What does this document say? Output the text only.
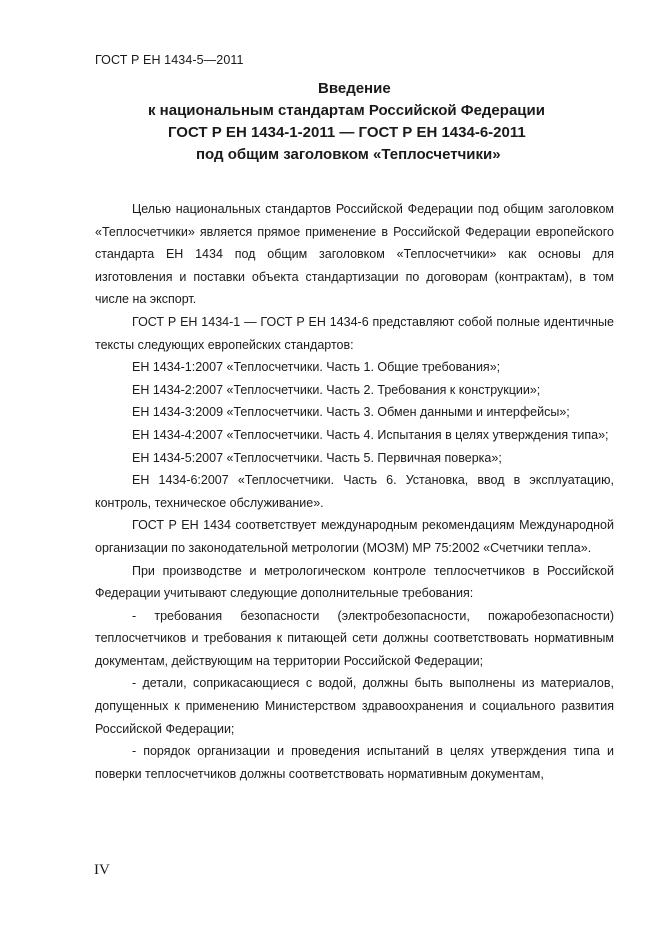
ГОСТ Р ЕН 1434-5—2011
Введение
к национальным стандартам Российской Федерации
ГОСТ Р ЕН 1434-1-2011 — ГОСТ Р ЕН 1434-6-2011
под общим заголовком «Теплосчетчики»

Целью национальных стандартов Российской Федерации под общим заголовком «Теплосчетчики» является прямое применение в Российской Федерации европейского стандарта ЕН 1434 под общим заголовком «Теплосчетчики» как основы для изготовления и поставки объекта стандартизации по договорам (контрактам), в том числе на экспорт.

ГОСТ Р ЕН 1434-1 — ГОСТ Р ЕН 1434-6 представляют собой полные идентичные тексты следующих европейских стандартов:

ЕН 1434-1:2007 «Теплосчетчики. Часть 1. Общие требования»;

ЕН 1434-2:2007 «Теплосчетчики. Часть 2. Требования к конструкции»;

ЕН 1434-3:2009 «Теплосчетчики. Часть 3. Обмен данными и интерфейсы»;

ЕН 1434-4:2007 «Теплосчетчики. Часть 4. Испытания в целях утверждения типа»;

ЕН 1434-5:2007 «Теплосчетчики. Часть 5. Первичная поверка»;

ЕН 1434-6:2007 «Теплосчетчики. Часть 6. Установка, ввод в эксплуатацию, контроль, техническое обслуживание».

ГОСТ Р ЕН 1434 соответствует международным рекомендациям Международной организации по законодательной метрологии (МОЗМ) МР 75:2002 «Счетчики тепла».

При производстве и метрологическом контроле теплосчетчиков в Российской Федерации учитывают следующие дополнительные требования:

- требования безопасности (электробезопасности, пожаробезопасности) теплосчетчиков и требования к питающей сети должны соответствовать нормативным документам, действующим на территории Российской Федерации;

- детали, соприкасающиеся с водой, должны быть выполнены из материалов, допущенных к применению Министерством здравоохранения и социального развития Российской Федерации;

- порядок организации и проведения испытаний в целях утверждения типа и поверки теплосчетчиков должны соответствовать нормативным документам,

IV
